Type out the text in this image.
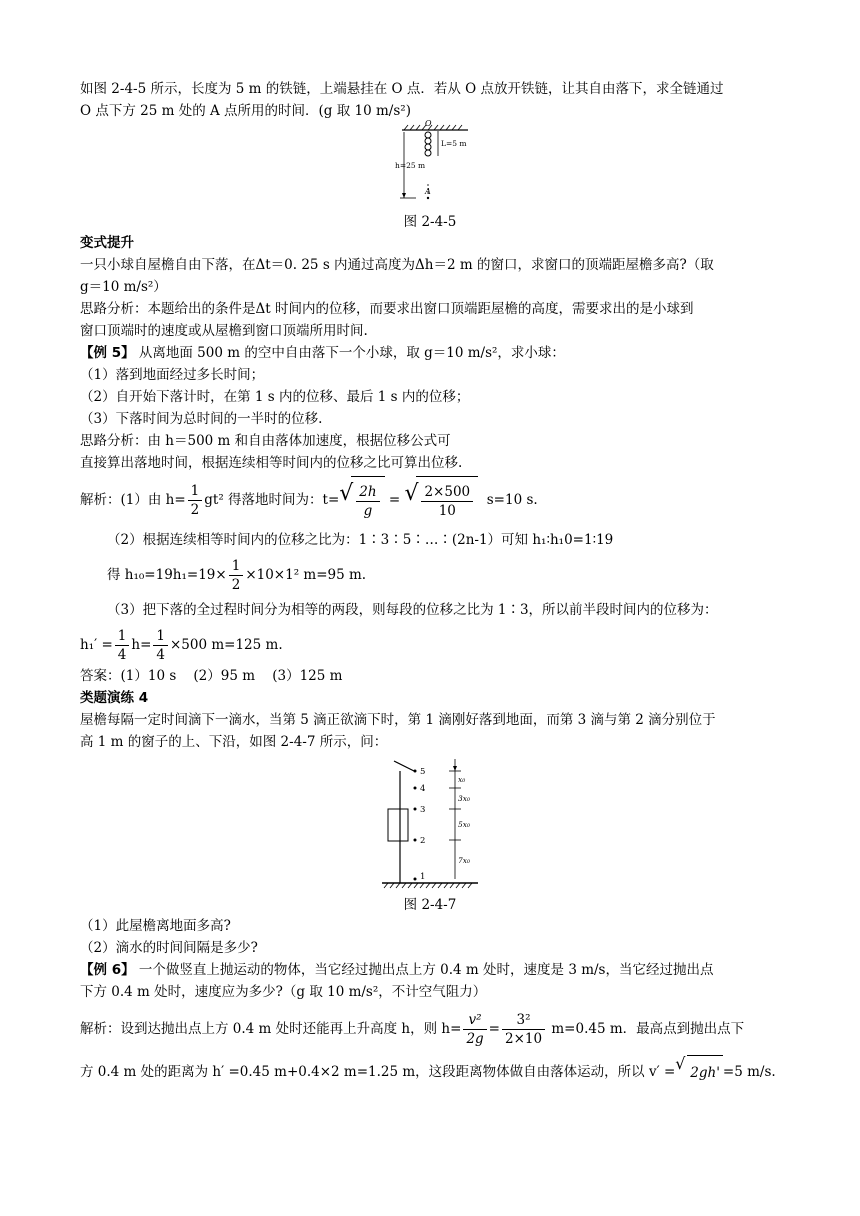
如图 2-4-5 所示，长度为 5 m 的铁链，上端悬挂在 O 点．若从 O 点放开铁链，让其自由落下，求全链通过

O 点下方 25 m 处的 A 点所用的时间．(g 取 10 m/s²)

O
L=5 m
h=25 m
A
图 2-4-5

变式提升

一只小球自屋檐自由下落，在Δt＝0. 25 s 内通过高度为Δh＝2 m 的窗口，求窗口的顶端距屋檐多高?（取

g＝10 m/s²）

思路分析：本题给出的条件是Δt 时间内的位移，而要求出窗口顶端距屋檐的高度，需要求出的是小球到

窗口顶端时的速度或从屋檐到窗口顶端所用时间.

【例 5】 从离地面 500 m 的空中自由落下一个小球，取 g＝10 m/s²，求小球：

（1）落到地面经过多长时间；

（2）自开始下落计时，在第 1 s 内的位移、最后 1 s 内的位移；

（3）下落时间为总时间的一半时的位移.

思路分析：由 h＝500 m 和自由落体加速度，根据位移公式可

直接算出落地时间，根据连续相等时间内的位移之比可算出位移.

解析：(1）由 $h= \frac{1}{2} gt^2$ 得落地时间为：t= √ $\frac{2h}{g}$ = √ $\frac{2\times 500}{10} s=10$ s.

（2）根据连续相等时间内的位移之比为：1∶3∶5∶…∶(2n-1）可知 h₁∶h₁0=1∶19

得 $h_{10}=19h_1=19\times \frac{1}{2} \times 10\times 1^2$ m=95 m.

（3）把下落的全过程时间分为相等的两段，则每段的位移之比为 1∶3，所以前半段时间内的位移为：

$h_1' = \frac{1}{4} h= \frac{1}{4} \times 500$ m=125 m.

答案：(1）10 s    (2）95 m    (3）125 m

类题演练 4

屋檐每隔一定时间滴下一滴水，当第 5 滴正欲滴下时，第 1 滴刚好落到地面，而第 3 滴与第 2 滴分别位于

高 1 m 的窗子的上、下沿，如图 2-4-7 所示，问：

5
4
3
2
1
x₀
3x₀
5x₀
7x₀
图 2-4-7

（1）此屋檐离地面多高?

（2）滴水的时间间隔是多少?

【例 6】 一个做竖直上抛运动的物体，当它经过抛出点上方 0.4 m 处时，速度是 3 m/s，当它经过抛出点

下方 0.4 m 处时，速度应为多少?（g 取 10 m/s²，不计空气阻力）

解析：设到达抛出点上方 0.4 m 处时还能再上升高度 h，则 $h= \frac{\text{v²}}{2g} = \frac{\text{3²}}{2\times 10} m=0.45$ m．最高点到抛出点下

方 0.4 m 处的距离为 h′ =0.45 m+0.4×2 m=1.25 m，这段距离物体做自由落体运动，所以 v′ = √ 2gh' =5 m/s.
